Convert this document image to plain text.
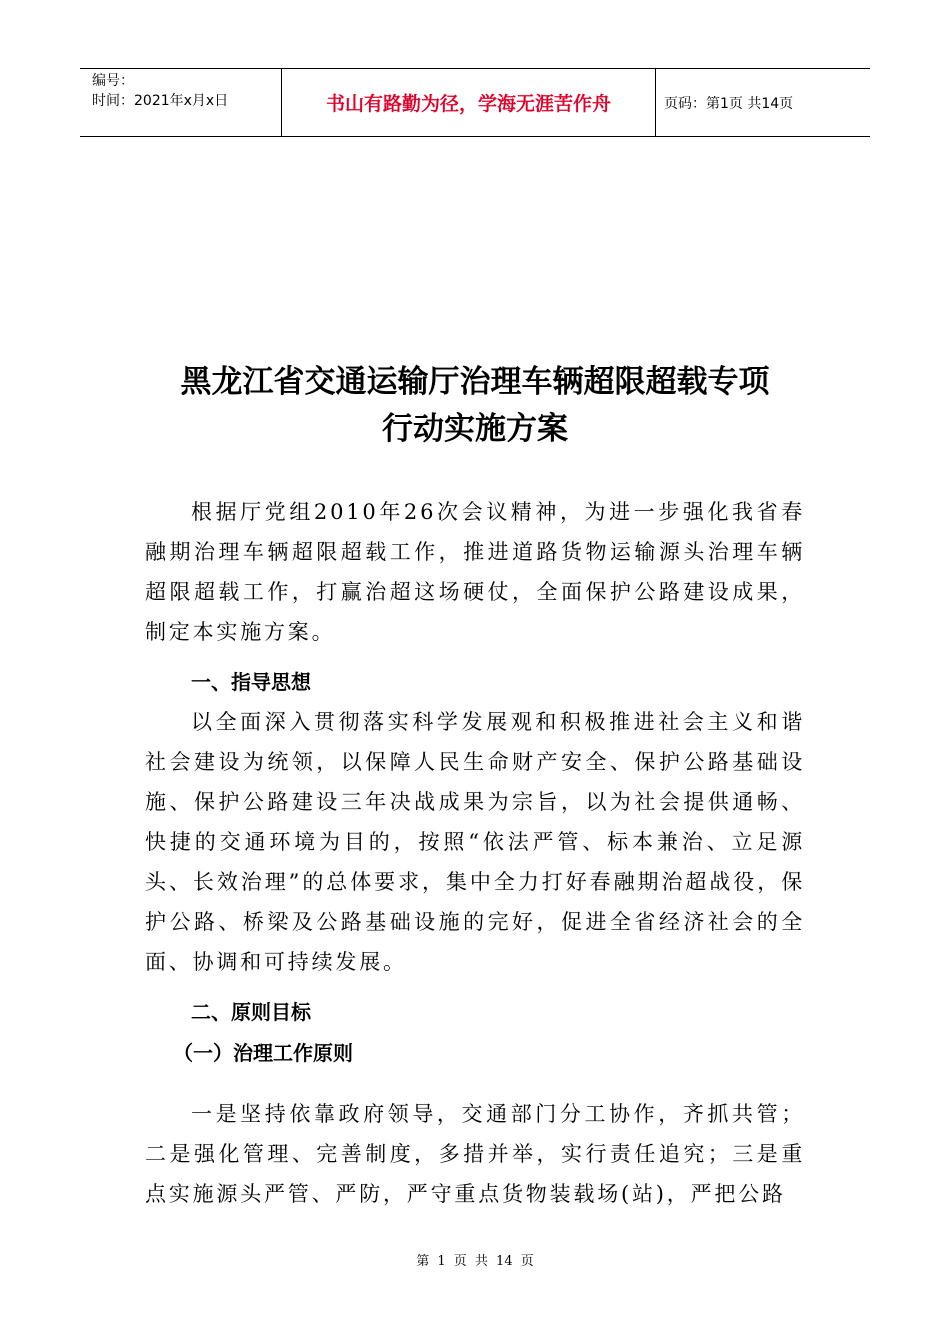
编号：
时间：2021年x月x日	书山有路勤为径，学海无涯苦作舟	页码：第1页 共14页
黑龙江省交通运输厅治理车辆超限超载专项
行动实施方案
根据厅党组2010年26次会议精神，为进一步强化我省春融期治理车辆超限超载工作，推进道路货物运输源头治理车辆超限超载工作，打赢治超这场硬仗，全面保护公路建设成果，制定本实施方案。
一、指导思想
以全面深入贯彻落实科学发展观和积极推进社会主义和谐社会建设为统领，以保障人民生命财产安全、保护公路基础设施、保护公路建设三年决战成果为宗旨，以为社会提供通畅、快捷的交通环境为目的，按照“依法严管、标本兼治、立足源头、长效治理”的总体要求，集中全力打好春融期治超战役，保护公路、桥梁及公路基础设施的完好，促进全省经济社会的全面、协调和可持续发展。
二、原则目标
（一）治理工作原则
一是坚持依靠政府领导，交通部门分工协作，齐抓共管；二是强化管理、完善制度，多措并举，实行责任追究；三是重点实施源头严管、严防，严守重点货物装载场(站)，严把公路
第 1 页 共 14 页
